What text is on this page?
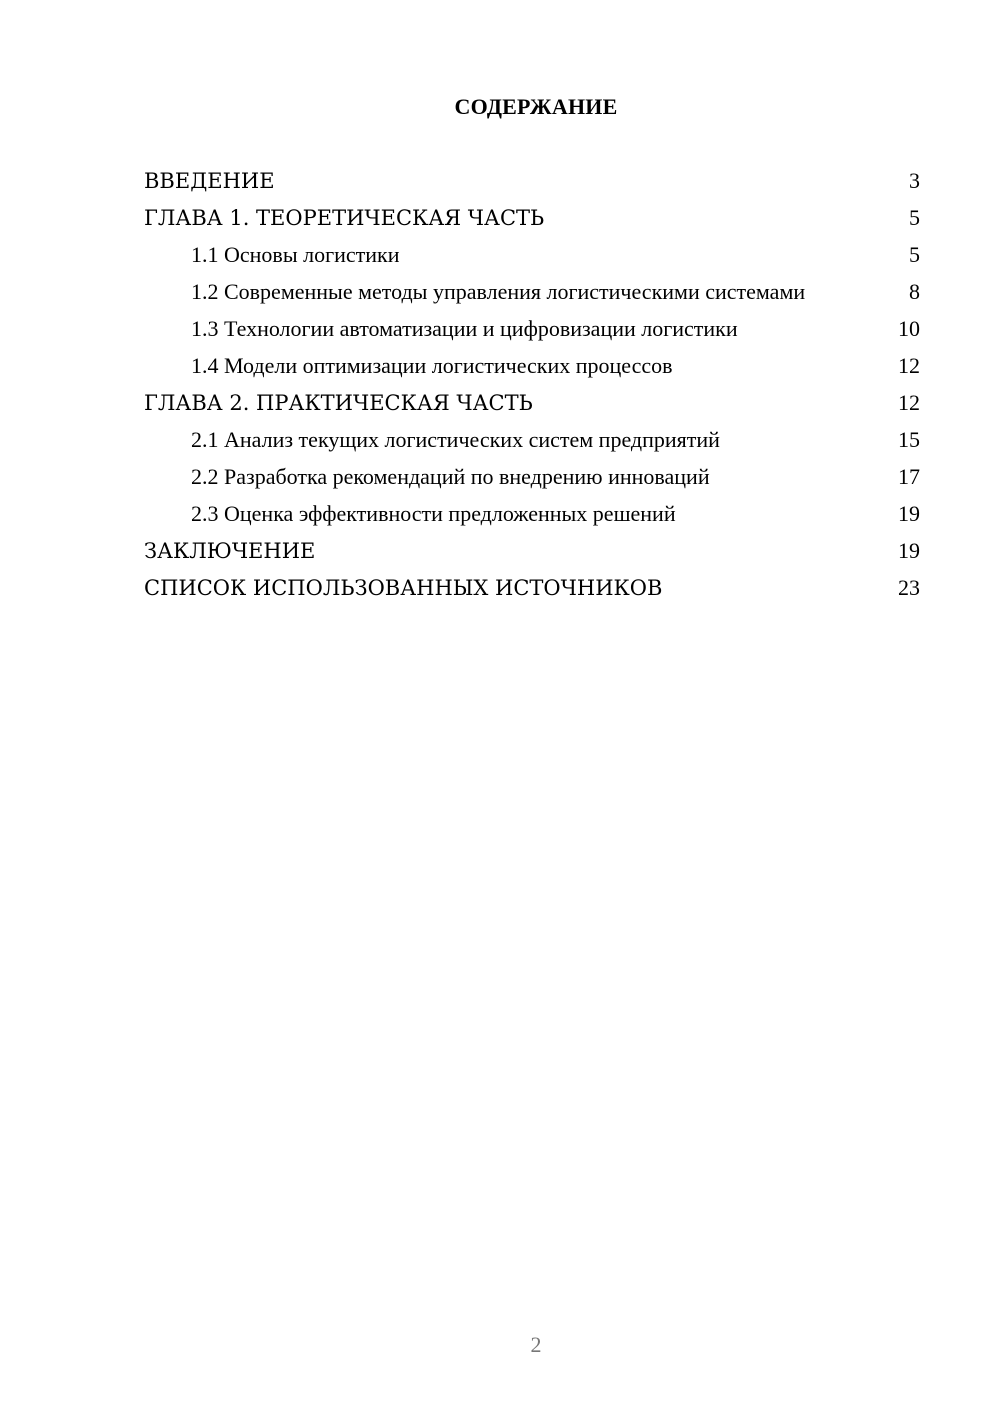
СОДЕРЖАНИЕ
ВВЕДЕНИЕ	3
ГЛАВА 1. ТЕОРЕТИЧЕСКАЯ ЧАСТЬ	5
1.1 Основы логистики	5
1.2 Современные методы управления логистическими системами	8
1.3 Технологии автоматизации и цифровизации логистики	10
1.4 Модели оптимизации логистических процессов	12
ГЛАВА 2. ПРАКТИЧЕСКАЯ ЧАСТЬ	12
2.1 Анализ текущих логистических систем предприятий	15
2.2 Разработка рекомендаций по внедрению инноваций	17
2.3 Оценка эффективности предложенных решений	19
ЗАКЛЮЧЕНИЕ	19
СПИСОК ИСПОЛЬЗОВАННЫХ ИСТОЧНИКОВ	23
2
